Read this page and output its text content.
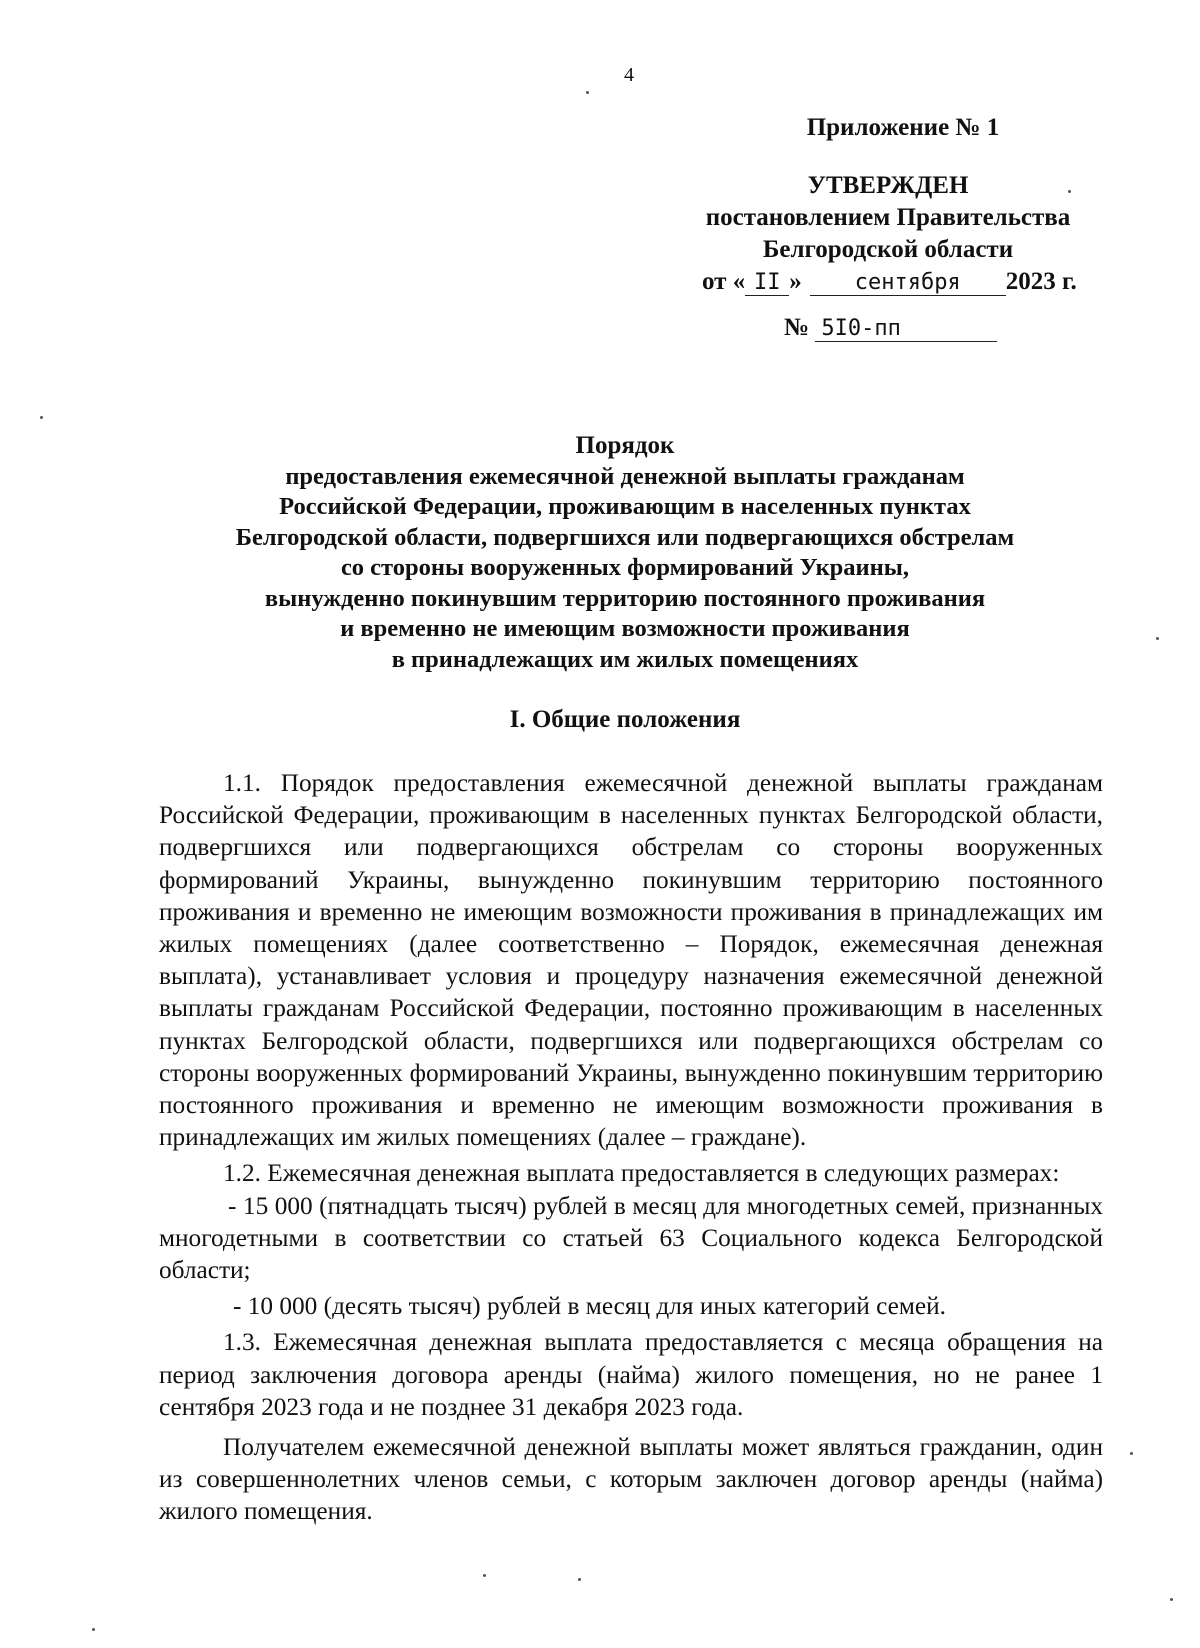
4
Приложение № 1
УТВЕРЖДЕН
постановлением Правительства
Белгородской области
от « II » сентября 2023 г.
№ 5I0-пп
Порядок
предоставления ежемесячной денежной выплаты гражданам
Российской Федерации, проживающим в населенных пунктах
Белгородской области, подвергшихся или подвергающихся обстрелам
со стороны вооруженных формирований Украины,
вынужденно покинувшим территорию постоянного проживания
и временно не имеющим возможности проживания
в принадлежащих им жилых помещениях
I. Общие положения

1.1. Порядок предоставления ежемесячной денежной выплаты гражданам Российской Федерации, проживающим в населенных пунктах Белгородской области, подвергшихся или подвергающихся обстрелам со стороны вооруженных формирований Украины, вынужденно покинувшим территорию постоянного проживания и временно не имеющим возможности проживания в принадлежащих им жилых помещениях (далее соответственно – Порядок, ежемесячная денежная выплата), устанавливает условия и процедуру назначения ежемесячной денежной выплаты гражданам Российской Федерации, постоянно проживающим в населенных пунктах Белгородской области, подвергшихся или подвергающихся обстрелам со стороны вооруженных формирований Украины, вынужденно покинувшим территорию постоянного проживания и временно не имеющим возможности проживания в принадлежащих им жилых помещениях (далее – граждане).

1.2. Ежемесячная денежная выплата предоставляется в следующих размерах:

- 15 000 (пятнадцать тысяч) рублей в месяц для многодетных семей, признанных многодетными в соответствии со статьей 63 Социального кодекса Белгородской области;

- 10 000 (десять тысяч) рублей в месяц для иных категорий семей.

1.3. Ежемесячная денежная выплата предоставляется с месяца обращения на период заключения договора аренды (найма) жилого помещения, но не ранее 1 сентября 2023 года и не позднее 31 декабря 2023 года.

Получателем ежемесячной денежной выплаты может являться гражданин, один из совершеннолетних членов семьи, с которым заключен договор аренды (найма) жилого помещения.
